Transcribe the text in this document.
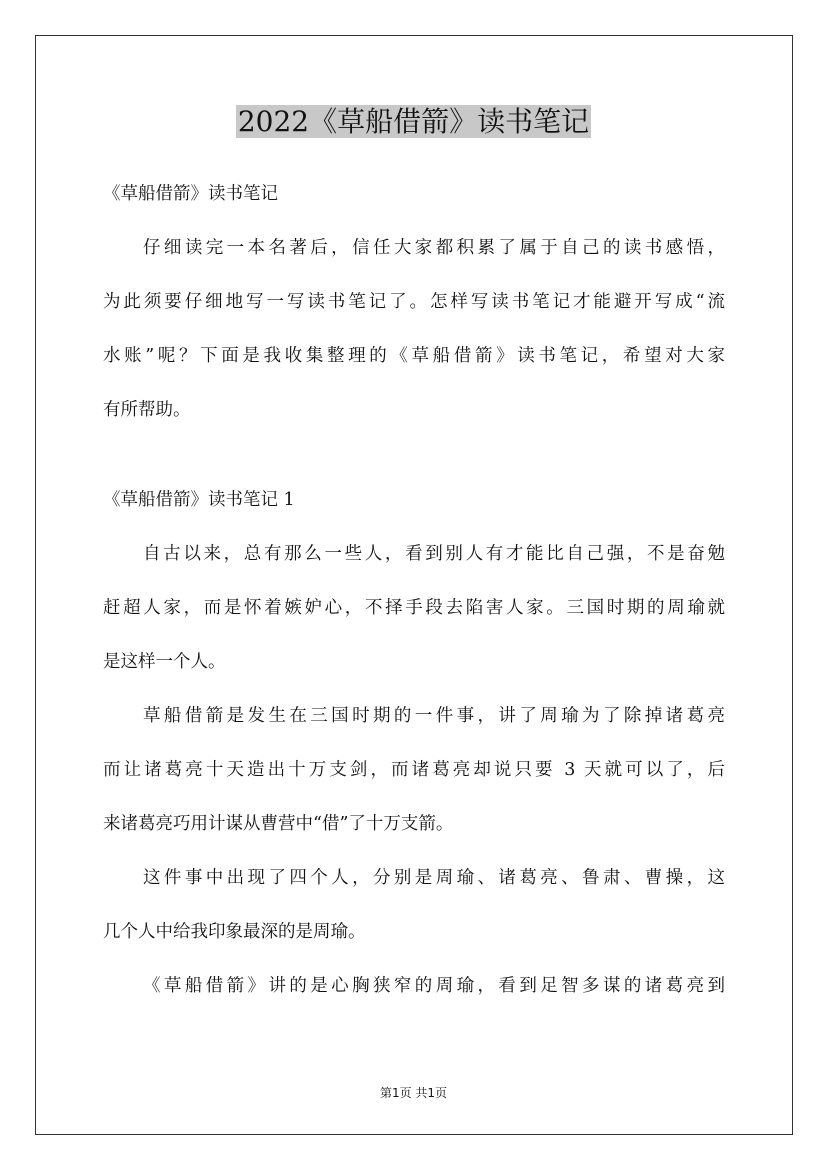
2022《草船借箭》读书笔记
《草船借箭》读书笔记
仔细读完一本名著后，信任大家都积累了属于自己的读书感悟，
为此须要仔细地写一写读书笔记了。怎样写读书笔记才能避开写成“流
水账”呢？下面是我收集整理的《草船借箭》读书笔记，希望对大家
有所帮助。
《草船借箭》读书笔记 1
自古以来，总有那么一些人，看到别人有才能比自己强，不是奋勉
赶超人家，而是怀着嫉妒心，不择手段去陷害人家。三国时期的周瑜就
是这样一个人。
草船借箭是发生在三国时期的一件事，讲了周瑜为了除掉诸葛亮
而让诸葛亮十天造出十万支剑，而诸葛亮却说只要 3 天就可以了，后
来诸葛亮巧用计谋从曹营中“借”了十万支箭。
这件事中出现了四个人，分别是周瑜、诸葛亮、鲁肃、曹操，这
几个人中给我印象最深的是周瑜。
《草船借箭》讲的是心胸狭窄的周瑜，看到足智多谋的诸葛亮到
第1页 共1页
